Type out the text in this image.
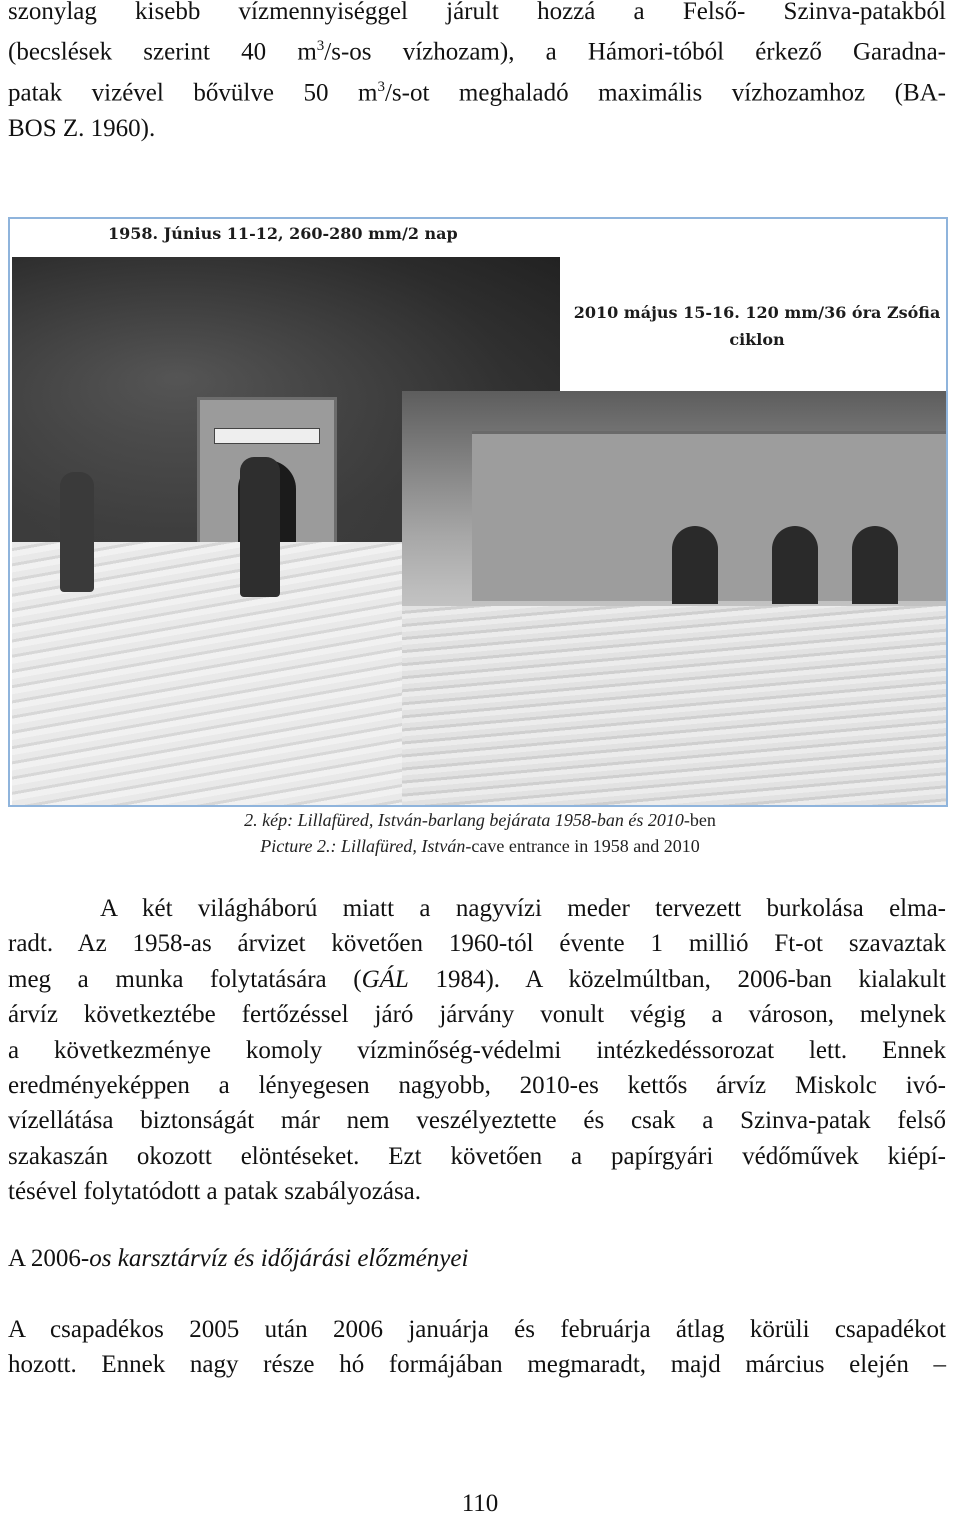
szonylag kisebb vízmennyiséggel járult hozzá a Felső- Szinva-patakból
(becslések szerint 40 $m^3/s-os$ vízhozam), a Hámori-tóból érkező Garadna-
patak vizével bővülve 50 $m^3/s-ot$ meghaladó maximális vízhozamhoz (BA-
BOS Z. 1960).
1958. Június 11-12, 260-280 mm/2 nap
2010 május 15-16. 120 mm/36 óra Zsófia
ciklon
2. kép: Lillafüred, István-barlang bejárata 1958-ban és 2010-ben
Picture 2.: Lillafüred, István-cave entrance in 1958 and 2010
A két világháború miatt a nagyvízi meder tervezett burkolása elma-
radt. Az 1958-as árvizet követően 1960-tól évente 1 millió Ft-ot szavaztak
meg a munka folytatására (GÁL 1984). A közelmúltban, 2006-ban kialakult
árvíz következtébe fertőzéssel járó járvány vonult végig a városon, melynek
a következménye komoly vízminőség-védelmi intézkedéssorozat lett. Ennek
eredményeképpen a lényegesen nagyobb, 2010-es kettős árvíz Miskolc ivó-
vízellátása biztonságát már nem veszélyeztette és csak a Szinva-patak felső
szakaszán okozott elöntéseket. Ezt követően a papírgyári védőművek kiépí-
tésével folytatódott a patak szabályozása.
A 2006-os karsztárvíz és időjárási előzményei
A csapadékos 2005 után 2006 januárja és februárja átlag körüli csapadékot
hozott. Ennek nagy része hó formájában megmaradt, majd március elején –
110
